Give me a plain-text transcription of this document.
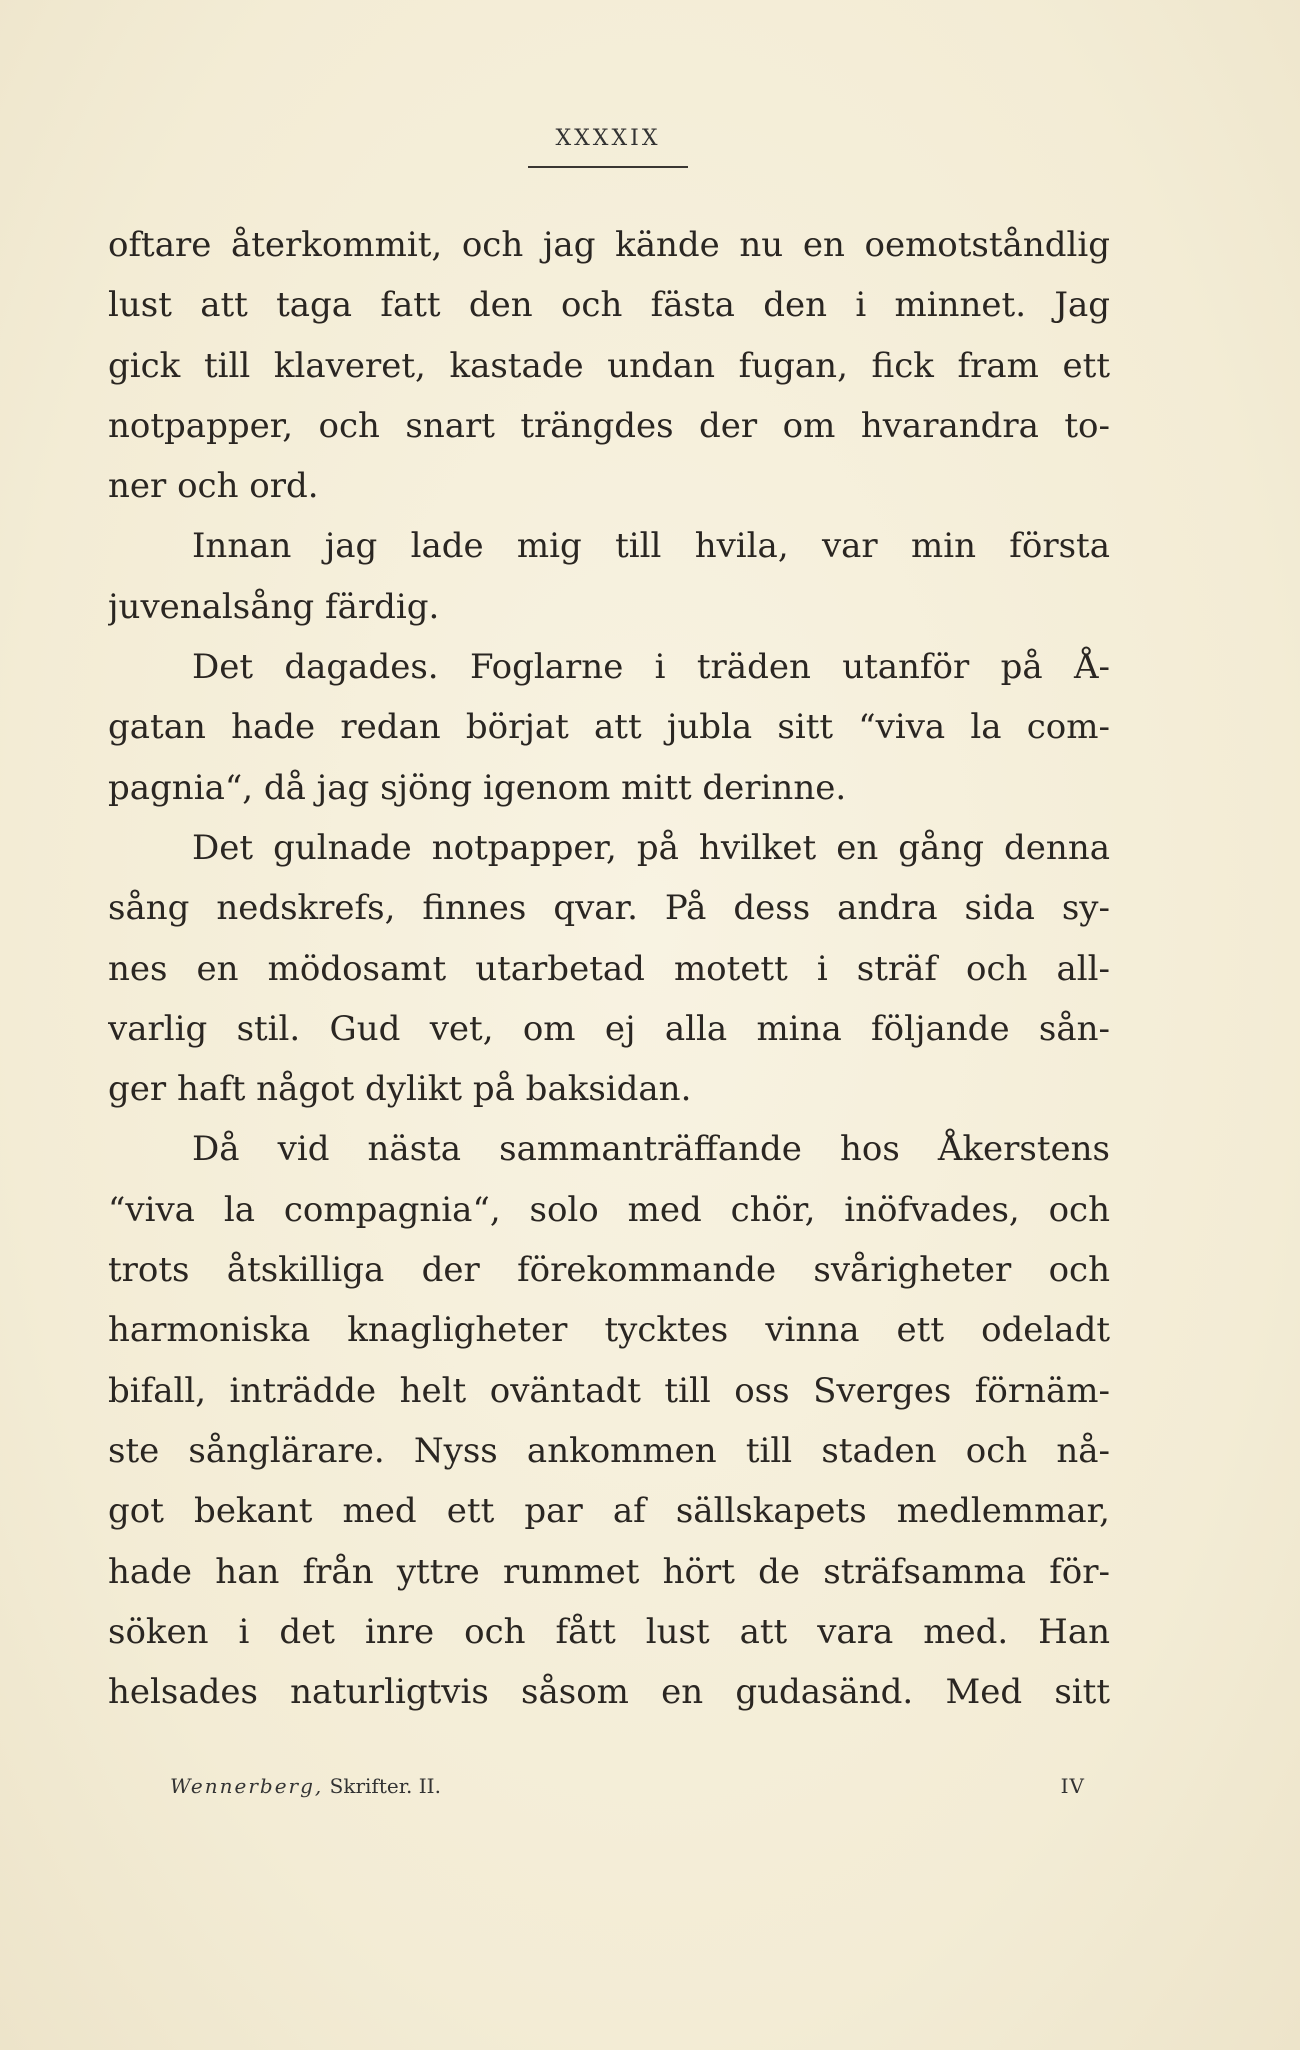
XXXXIX
oftare återkommit, och jag kände nu en oemotståndlig
lust att taga fatt den och fästa den i minnet. Jag
gick till klaveret, kastade undan fugan, fick fram ett
notpapper, och snart trängdes der om hvarandra to-
ner och ord.
Innan jag lade mig till hvila, var min första
juvenalsång färdig.
Det dagades. Foglarne i träden utanför på Å-
gatan hade redan börjat att jubla sitt “viva la com-
pagnia“, då jag sjöng igenom mitt derinne.
Det gulnade notpapper, på hvilket en gång denna
sång nedskrefs, finnes qvar. På dess andra sida sy-
nes en mödosamt utarbetad motett i sträf och all-
varlig stil. Gud vet, om ej alla mina följande sån-
ger haft något dylikt på baksidan.
Då vid nästa sammanträffande hos Åkerstens
“viva la compagnia“, solo med chör, inöfvades, och
trots åtskilliga der förekommande svårigheter och
harmoniska knagligheter tycktes vinna ett odeladt
bifall, inträdde helt oväntadt till oss Sverges förnäm-
ste sånglärare. Nyss ankommen till staden och nå-
got bekant med ett par af sällskapets medlemmar,
hade han från yttre rummet hört de sträfsamma för-
söken i det inre och fått lust att vara med. Han
helsades naturligtvis såsom en gudasänd. Med sitt
Wennerberg, Skrifter. II.	IV
